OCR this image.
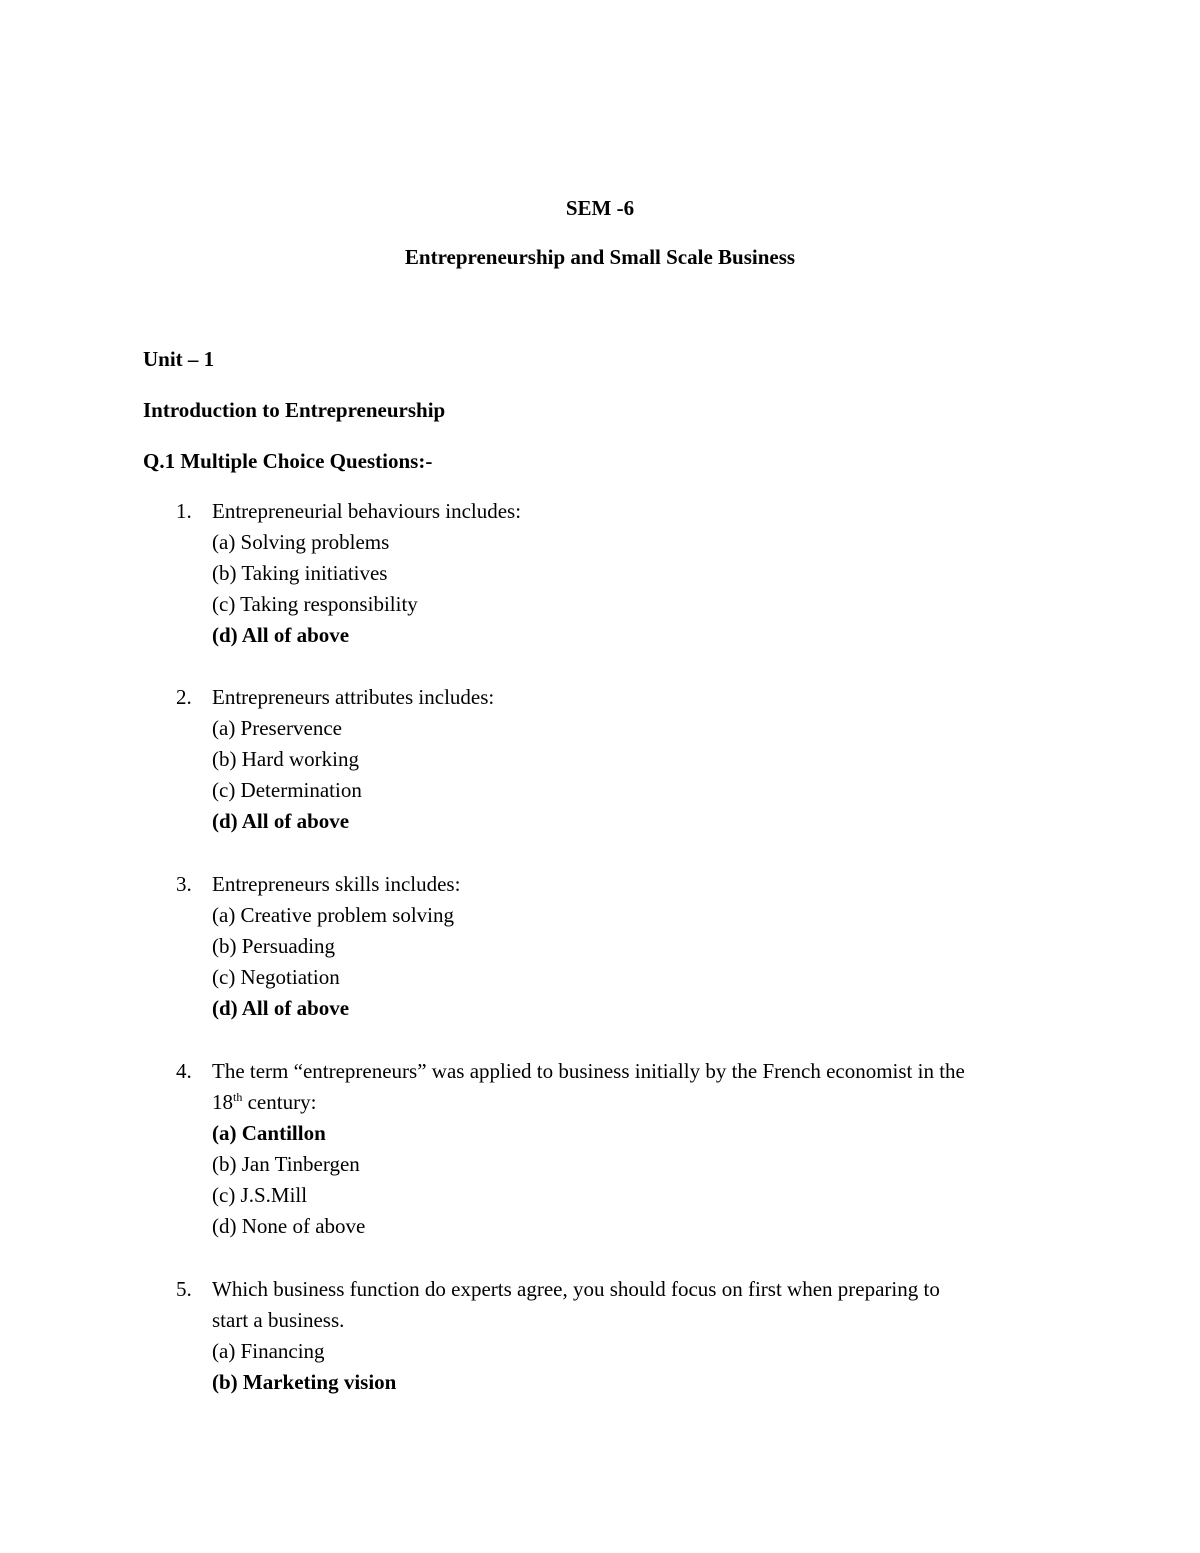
SEM -6
Entrepreneurship and Small Scale Business
Unit – 1
Introduction to Entrepreneurship
Q.1 Multiple Choice Questions:-
1. Entrepreneurial behaviours includes:
(a) Solving problems
(b) Taking initiatives
(c) Taking responsibility
(d) All of above
2. Entrepreneurs attributes includes:
(a) Preservence
(b) Hard working
(c) Determination
(d) All of above
3. Entrepreneurs skills includes:
(a) Creative problem solving
(b) Persuading
(c) Negotiation
(d) All of above
4. The term “entrepreneurs” was applied to business initially by the French economist in the
18th century:
(a) Cantillon
(b) Jan Tinbergen
(c) J.S.Mill
(d) None of above
5. Which business function do experts agree, you should focus on first when preparing to
start a business.
(a) Financing
(b) Marketing vision
